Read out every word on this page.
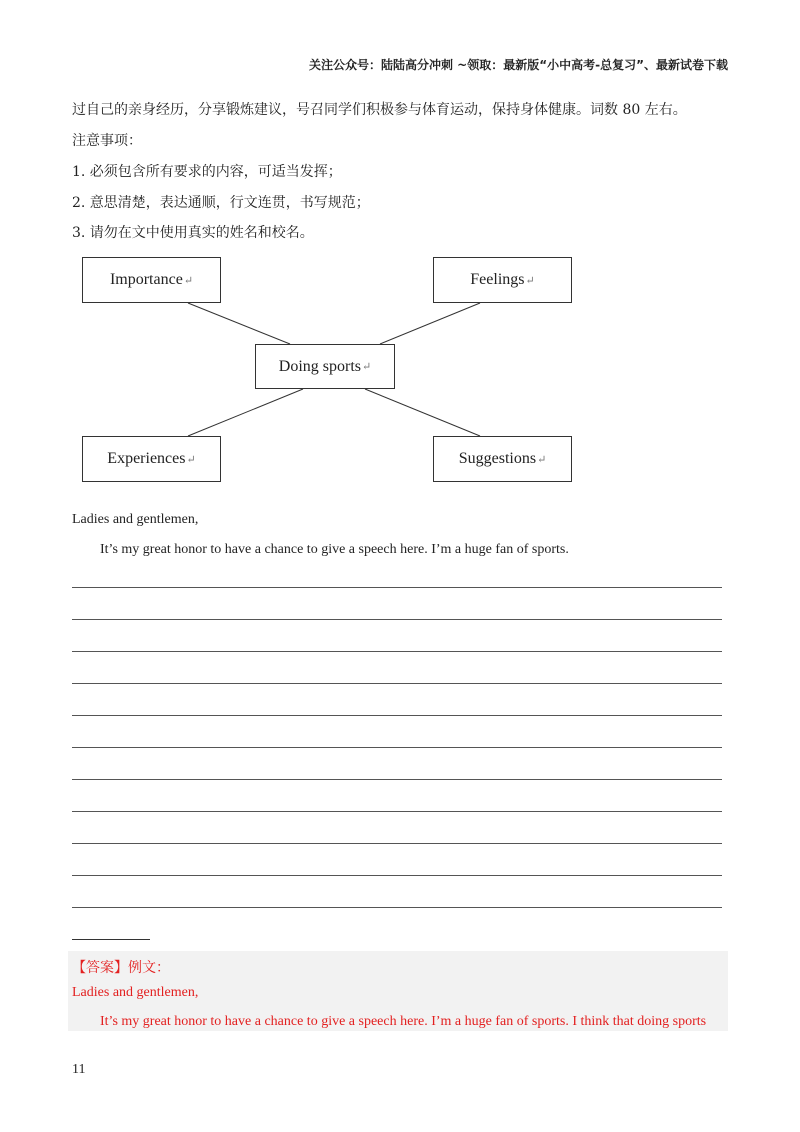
关注公众号：陆陆高分冲刺 ~领取：最新版“小中高考-总复习”、最新试卷下载
过自己的亲身经历，分享锻炼建议，号召同学们积极参与体育运动，保持身体健康。词数 80 左右。
注意事项：
1. 必须包含所有要求的内容，可适当发挥；
2. 意思清楚，表达通顺，行文连贯，书写规范；
3. 请勿在文中使用真实的姓名和校名。
Importance ↵	Feelings ↵
Doing sports ↵
Experiences ↵	Suggestions ↵
Ladies and gentlemen,
It’s my great honor to have a chance to give a speech here. I’m a huge fan of sports.
【答案】例文：
Ladies and gentlemen,
It’s my great honor to have a chance to give a speech here. I’m a huge fan of sports. I think that doing sports
11
